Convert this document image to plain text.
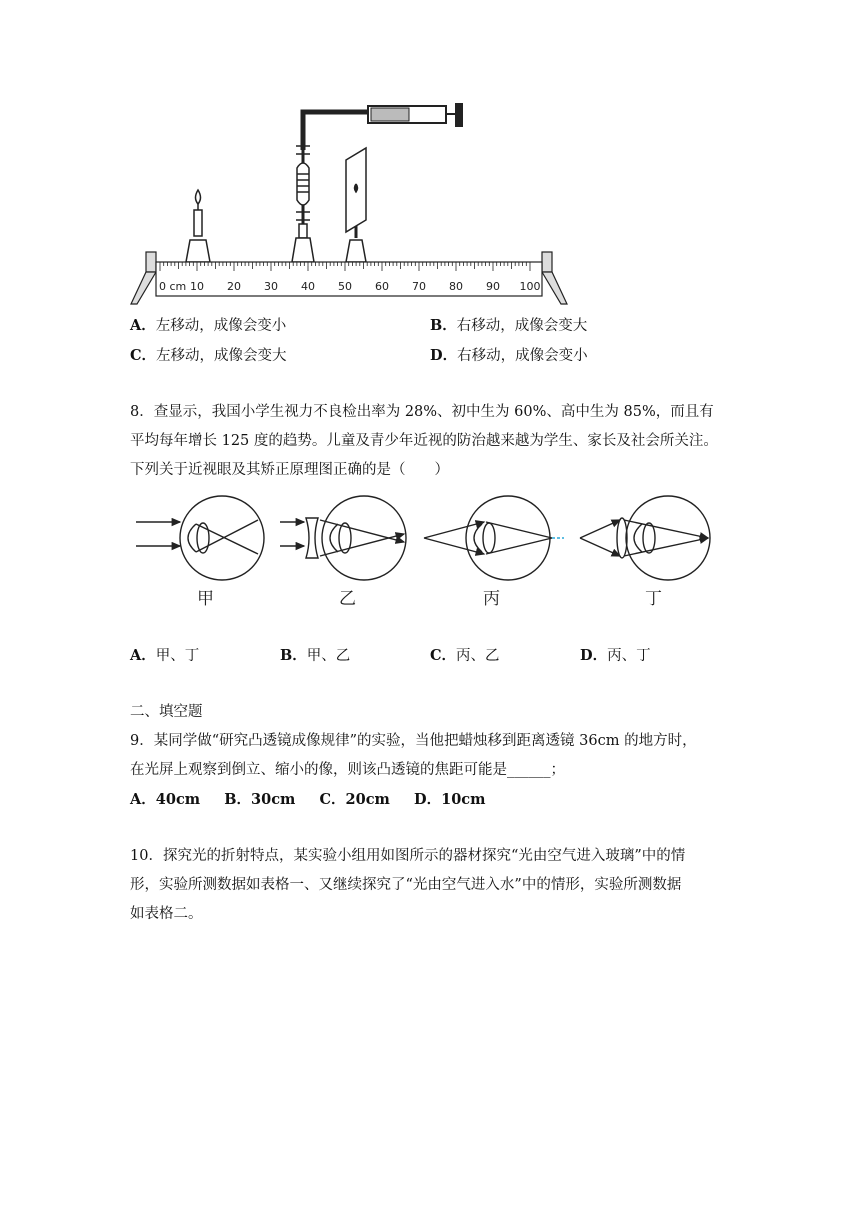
0 cm 10 20 30 40 50 60 70 80 90 100
A．左移动，成像会变小	B．右移动，成像会变大
C．左移动，成像会变大	D．右移动，成像会变小
8．查显示，我国小学生视力不良检出率为 28%、初中生为 60%、高中生为 85%，而且有
平均每年增长 125 度的趋势。儿童及青少年近视的防治越来越为学生、家长及社会所关注。
下列关于近视眼及其矫正原理图正确的是（　　）
甲	乙	丙	丁
A．甲、丁	B．甲、乙	C．丙、乙	D．丙、丁
二、填空题
9．某同学做“研究凸透镜成像规律”的实验，当他把蜡烛移到距离透镜 36cm 的地方时，
在光屏上观察到倒立、缩小的像，则该凸透镜的焦距可能是______；
A．40cm B．30cm C．20cm D．10cm
10．探究光的折射特点，某实验小组用如图所示的器材探究“光由空气进入玻璃”中的情
形，实验所测数据如表格一、又继续探究了“光由空气进入水”中的情形，实验所测数据
如表格二。
